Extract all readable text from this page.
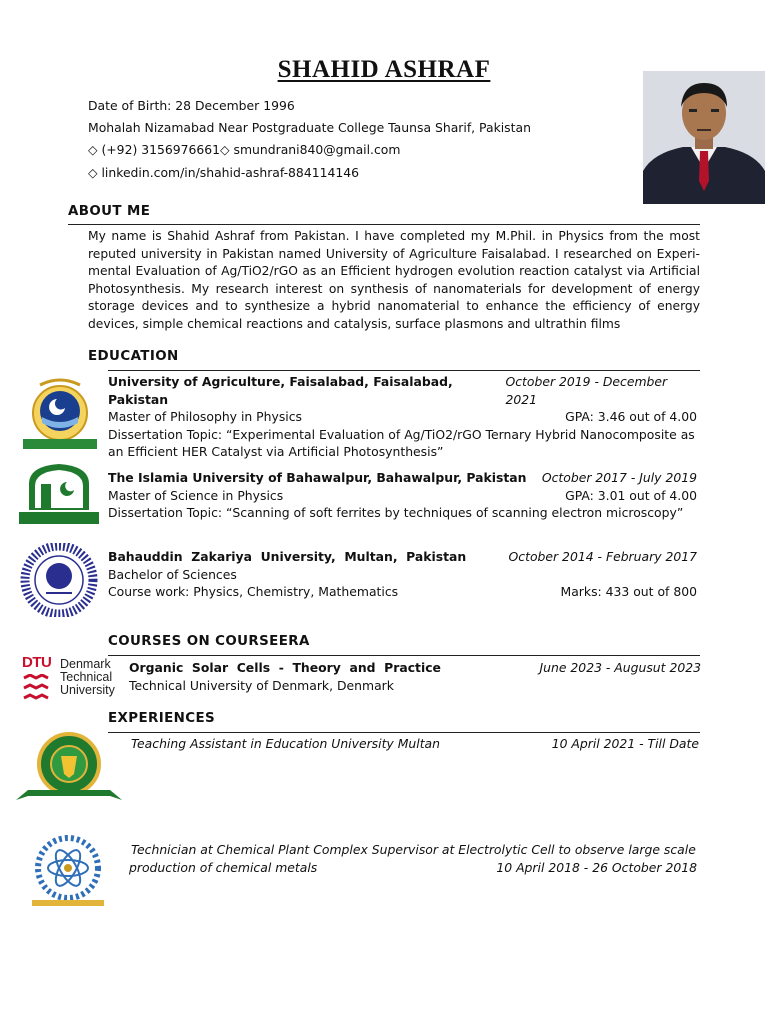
SHAHID ASHRAF
Date of Birth: 28 December 1996
Mohalah Nizamabad Near Postgraduate College Taunsa Sharif, Pakistan
◇ (+92) 3156976661◇ smundrani840@gmail.com
◇ linkedin.com/in/shahid-ashraf-884114146
ABOUT ME
My name is Shahid Ashraf from Pakistan. I have completed my M.Phil. in Physics from the most reputed university in Pakistan named University of Agriculture Faisalabad. I researched on Experi-mental Evaluation of Ag/TiO2/rGO as an Efficient hydrogen evolution reaction catalyst via Artificial Photosynthesis. My research interest on synthesis of nanomaterials for development of energy storage devices and to synthesize a hybrid nanomaterial to enhance the efficiency of energy devices, simple chemical reactions and catalysis, surface plasmons and ultrathin films
EDUCATION
University of Agriculture, Faisalabad, Faisalabad, Pakistan
October 2019 - December 2021
Master of Philosophy in Physics	GPA: 3.46 out of 4.00
Dissertation Topic: “Experimental Evaluation of Ag/TiO2/rGO Ternary Hybrid Nanocomposite as an Efficient HER Catalyst via Artificial Photosynthesis”
The Islamia University of Bahawalpur, Bahawalpur, Pakistan October 2017 - July 2019
Master of Science in Physics	GPA: 3.01 out of 4.00
Dissertation Topic: “Scanning of soft ferrites by techniques of scanning electron microscopy”
Bahauddin  Zakariya  University,  Multan,  Pakistan	October 2014 - February 2017
Bachelor of Sciences
Course work: Physics, Chemistry, Mathematics	Marks: 433 out of 800
COURSES ON COURSEERA
DTU Denmark
Technical
University
Organic  Solar  Cells  -  Theory  and  Practice	June 2023 - Augusut 2023
Technical University of Denmark, Denmark
EXPERIENCES
Teaching Assistant in Education University Multan	10 April 2021 - Till Date
Technician at Chemical Plant Complex Supervisor at Electrolytic Cell to observe large scale
production of chemical metals	10 April 2018 - 26 October 2018
